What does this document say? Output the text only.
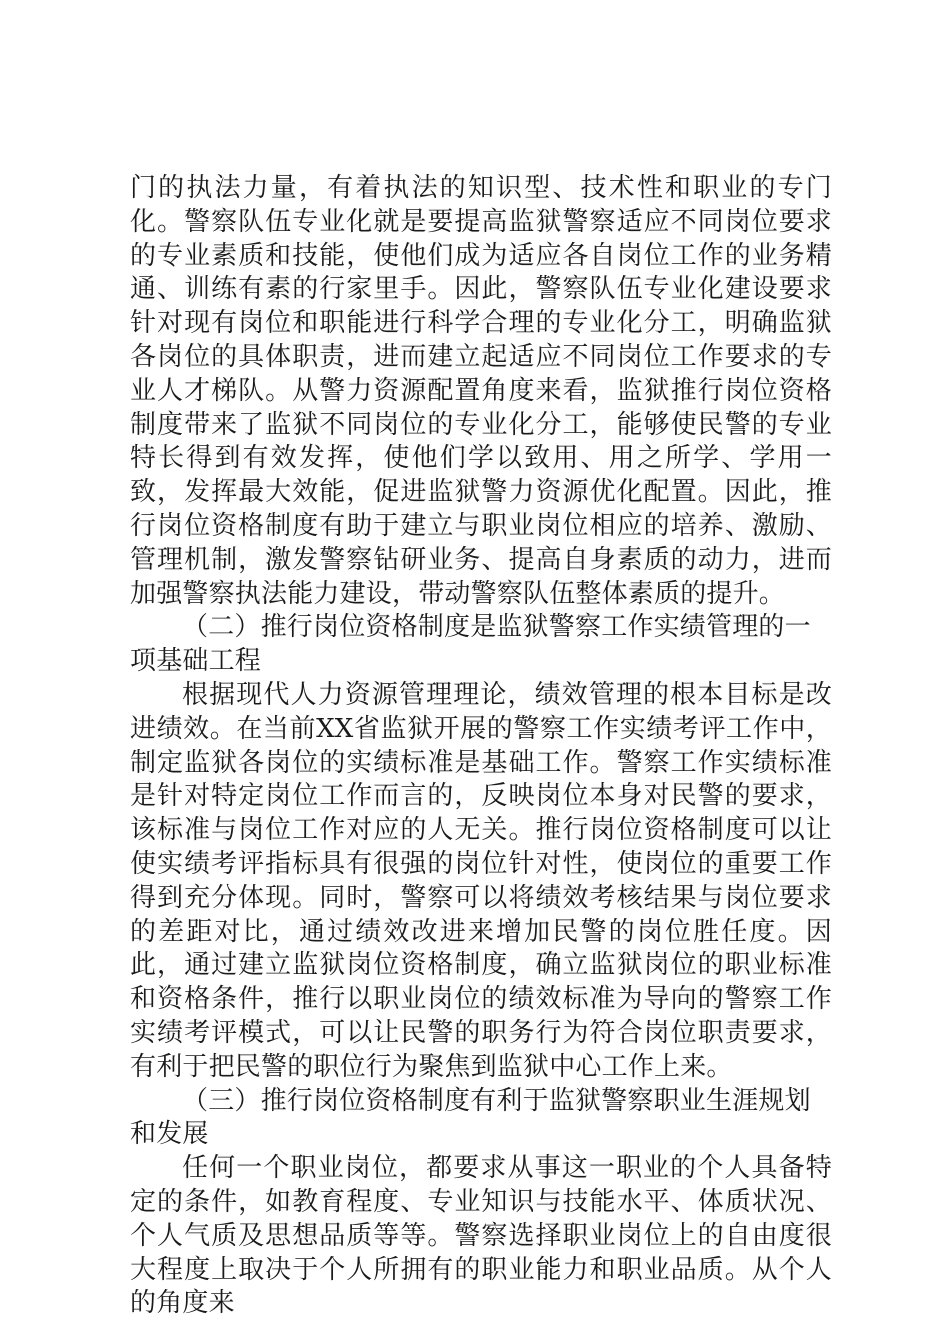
门的执法力量，有着执法的知识型、技术性和职业的专门化。警察队伍专业化就是要提高监狱警察适应不同岗位要求的专业素质和技能，使他们成为适应各自岗位工作的业务精通、训练有素的行家里手。因此，警察队伍专业化建设要求针对现有岗位和职能进行科学合理的专业化分工，明确监狱各岗位的具体职责，进而建立起适应不同岗位工作要求的专业人才梯队。从警力资源配置角度来看，监狱推行岗位资格制度带来了监狱不同岗位的专业化分工，能够使民警的专业特长得到有效发挥，使他们学以致用、用之所学、学用一致，发挥最大效能，促进监狱警力资源优化配置。因此，推行岗位资格制度有助于建立与职业岗位相应的培养、激励、管理机制，激发警察钻研业务、提高自身素质的动力，进而加强警察执法能力建设，带动警察队伍整体素质的提升。

（二）推行岗位资格制度是监狱警察工作实绩管理的一项基础工程

根据现代人力资源管理理论，绩效管理的根本目标是改进绩效。在当前XX省监狱开展的警察工作实绩考评工作中，制定监狱各岗位的实绩标准是基础工作。警察工作实绩标准是针对特定岗位工作而言的，反映岗位本身对民警的要求，该标准与岗位工作对应的人无关。推行岗位资格制度可以让使实绩考评指标具有很强的岗位针对性，使岗位的重要工作得到充分体现。同时，警察可以将绩效考核结果与岗位要求的差距对比，通过绩效改进来增加民警的岗位胜任度。因此，通过建立监狱岗位资格制度，确立监狱岗位的职业标准和资格条件，推行以职业岗位的绩效标准为导向的警察工作实绩考评模式，可以让民警的职务行为符合岗位职责要求，有利于把民警的职位行为聚焦到监狱中心工作上来。

（三）推行岗位资格制度有利于监狱警察职业生涯规划和发展

任何一个职业岗位，都要求从事这一职业的个人具备特定的条件，如教育程度、专业知识与技能水平、体质状况、个人气质及思想品质等等。警察选择职业岗位上的自由度很大程度上取决于个人所拥有的职业能力和职业品质。从个人的角度来
